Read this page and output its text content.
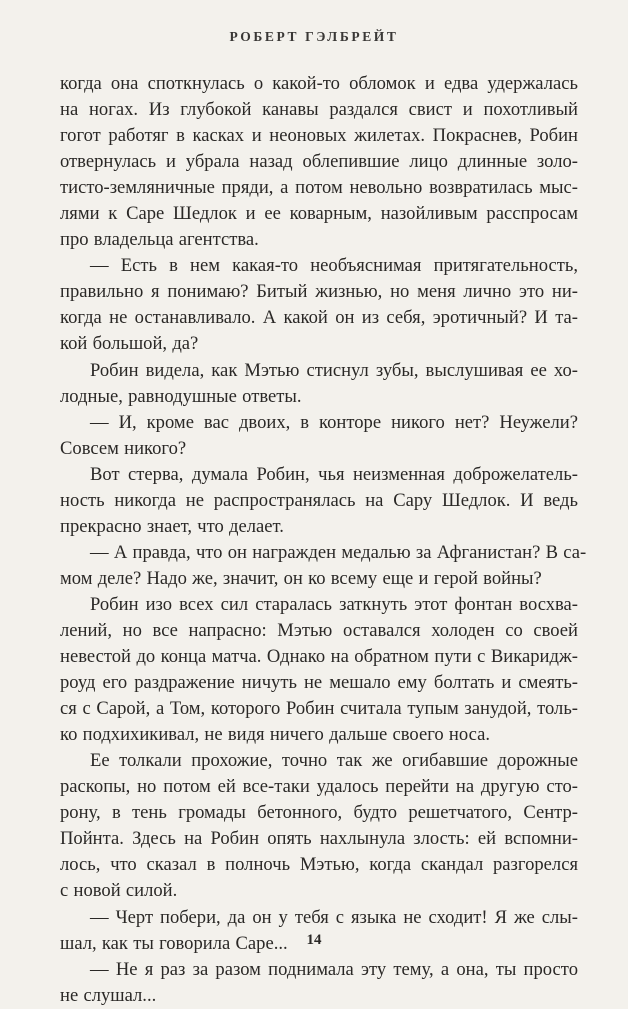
РОБЕРТ ГЭЛБРЕЙТ
когда она споткнулась о какой-то обломок и едва удержалась
на ногах. Из глубокой канавы раздался свист и похотливый
гогот работяг в касках и неоновых жилетах. Покраснев, Робин
отвернулась и убрала назад облепившие лицо длинные золо-
тисто-земляничные пряди, а потом невольно возвратилась мыс-
лями к Саре Шедлок и ее коварным, назойливым расспросам
про владельца агентства.
— Есть в нем какая-то необъяснимая притягательность,
правильно я понимаю? Битый жизнью, но меня лично это ни-
когда не останавливало. А какой он из себя, эротичный? И та-
кой большой, да?
Робин видела, как Мэтью стиснул зубы, выслушивая ее хо-
лодные, равнодушные ответы.
— И, кроме вас двоих, в конторе никого нет? Неужели?
Совсем никого?
Вот стерва, думала Робин, чья неизменная доброжелатель-
ность никогда не распространялась на Сару Шедлок. И ведь
прекрасно знает, что делает.
— А правда, что он награжден медалью за Афганистан? В са-
мом деле? Надо же, значит, он ко всему еще и герой войны?
Робин изо всех сил старалась заткнуть этот фонтан восхва-
лений, но все напрасно: Мэтью оставался холоден со своей
невестой до конца матча. Однако на обратном пути с Викаридж-
роуд его раздражение ничуть не мешало ему болтать и смеять-
ся с Сарой, а Том, которого Робин считала тупым занудой, толь-
ко подхихикивал, не видя ничего дальше своего носа.
Ее толкали прохожие, точно так же огибавшие дорожные
раскопы, но потом ей все-таки удалось перейти на другую сто-
рону, в тень громады бетонного, будто решетчатого, Сентр-
Пойнта. Здесь на Робин опять нахлынула злость: ей вспомни-
лось, что сказал в полночь Мэтью, когда скандал разгорелся
с новой силой.
— Черт побери, да он у тебя с языка не сходит! Я же слы-
шал, как ты говорила Саре...
— Не я раз за разом поднимала эту тему, а она, ты просто
не слушал...
14
